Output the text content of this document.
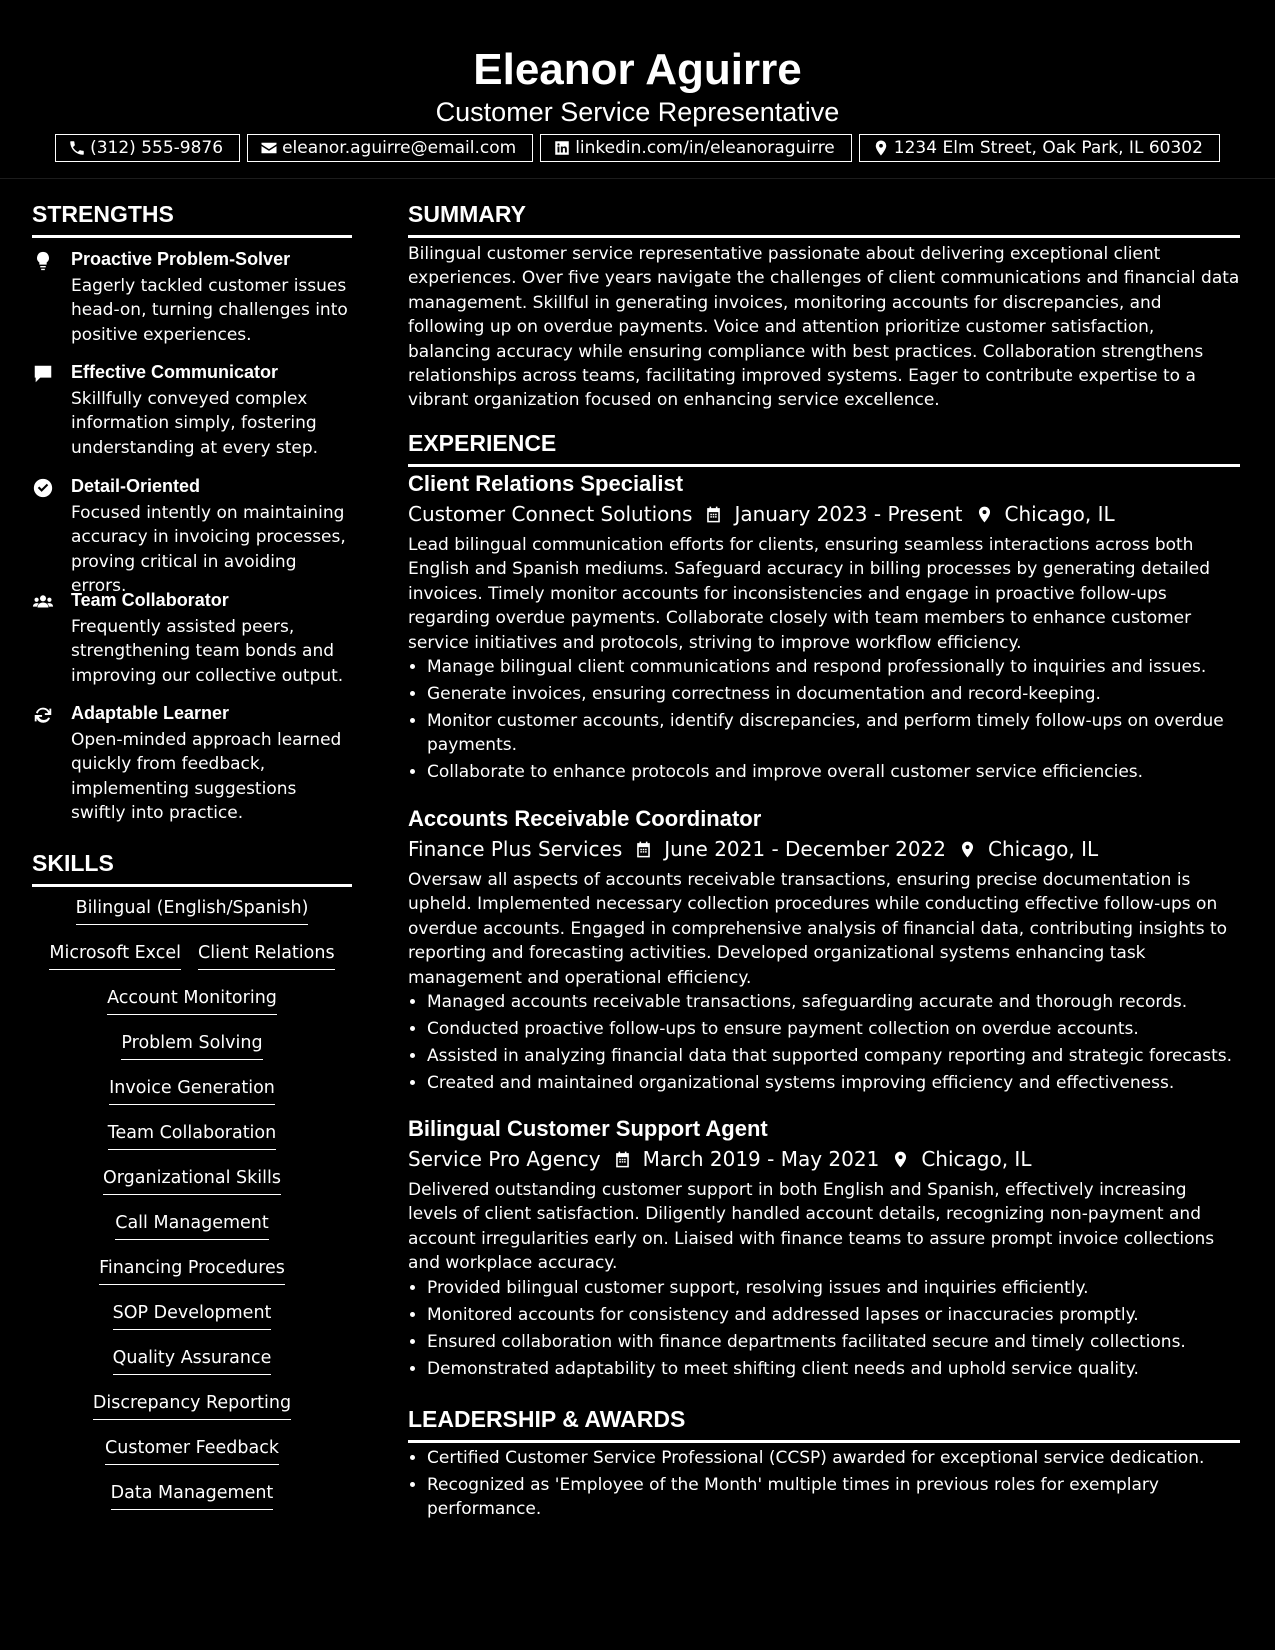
Eleanor Aguirre
Customer Service Representative
(312) 555-9876	eleanor.aguirre@email.com	linkedin.com/in/eleanoraguirre	1234 Elm Street, Oak Park, IL 60302
STRENGTHS
Proactive Problem-Solver
Eagerly tackled customer issues head-on, turning challenges into positive experiences.
Effective Communicator
Skillfully conveyed complex information simply, fostering understanding at every step.
Detail-Oriented
Focused intently on maintaining accuracy in invoicing processes, proving critical in avoiding errors.
Team Collaborator
Frequently assisted peers, strengthening team bonds and improving our collective output.
Adaptable Learner
Open-minded approach learned quickly from feedback, implementing suggestions swiftly into practice.
SKILLS
Bilingual (English/Spanish)
Microsoft Excel Client Relations
Account Monitoring
Problem Solving
Invoice Generation
Team Collaboration
Organizational Skills
Call Management
Financing Procedures
SOP Development
Quality Assurance
Discrepancy Reporting
Customer Feedback
Data Management
SUMMARY

Bilingual customer service representative passionate about delivering exceptional client experiences. Over five years navigate the challenges of client communications and financial data management. Skillful in generating invoices, monitoring accounts for discrepancies, and following up on overdue payments. Voice and attention prioritize customer satisfaction, balancing accuracy while ensuring compliance with best practices. Collaboration strengthens relationships across teams, facilitating improved systems. Eager to contribute expertise to a vibrant organization focused on enhancing service excellence.

EXPERIENCE
Client Relations Specialist
Customer Connect Solutions January 2023 - Present Chicago, IL

Lead bilingual communication efforts for clients, ensuring seamless interactions across both English and Spanish mediums. Safeguard accuracy in billing processes by generating detailed invoices. Timely monitor accounts for inconsistencies and engage in proactive follow-ups regarding overdue payments. Collaborate closely with team members to enhance customer service initiatives and protocols, striving to improve workflow efficiency.

• Manage bilingual client communications and respond professionally to inquiries and issues.
• Generate invoices, ensuring correctness in documentation and record-keeping.
• Monitor customer accounts, identify discrepancies, and perform timely follow-ups on overdue payments.
• Collaborate to enhance protocols and improve overall customer service efficiencies.
Accounts Receivable Coordinator
Finance Plus Services June 2021 - December 2022 Chicago, IL

Oversaw all aspects of accounts receivable transactions, ensuring precise documentation is upheld. Implemented necessary collection procedures while conducting effective follow-ups on overdue accounts. Engaged in comprehensive analysis of financial data, contributing insights to reporting and forecasting activities. Developed organizational systems enhancing task management and operational efficiency.

• Managed accounts receivable transactions, safeguarding accurate and thorough records.
• Conducted proactive follow-ups to ensure payment collection on overdue accounts.
• Assisted in analyzing financial data that supported company reporting and strategic forecasts.
• Created and maintained organizational systems improving efficiency and effectiveness.
Bilingual Customer Support Agent
Service Pro Agency March 2019 - May 2021 Chicago, IL

Delivered outstanding customer support in both English and Spanish, effectively increasing levels of client satisfaction. Diligently handled account details, recognizing non-payment and account irregularities early on. Liaised with finance teams to assure prompt invoice collections and workplace accuracy.

• Provided bilingual customer support, resolving issues and inquiries efficiently.
• Monitored accounts for consistency and addressed lapses or inaccuracies promptly.
• Ensured collaboration with finance departments facilitated secure and timely collections.
• Demonstrated adaptability to meet shifting client needs and uphold service quality.
LEADERSHIP & AWARDS
• Certified Customer Service Professional (CCSP) awarded for exceptional service dedication.
• Recognized as 'Employee of the Month' multiple times in previous roles for exemplary performance.
